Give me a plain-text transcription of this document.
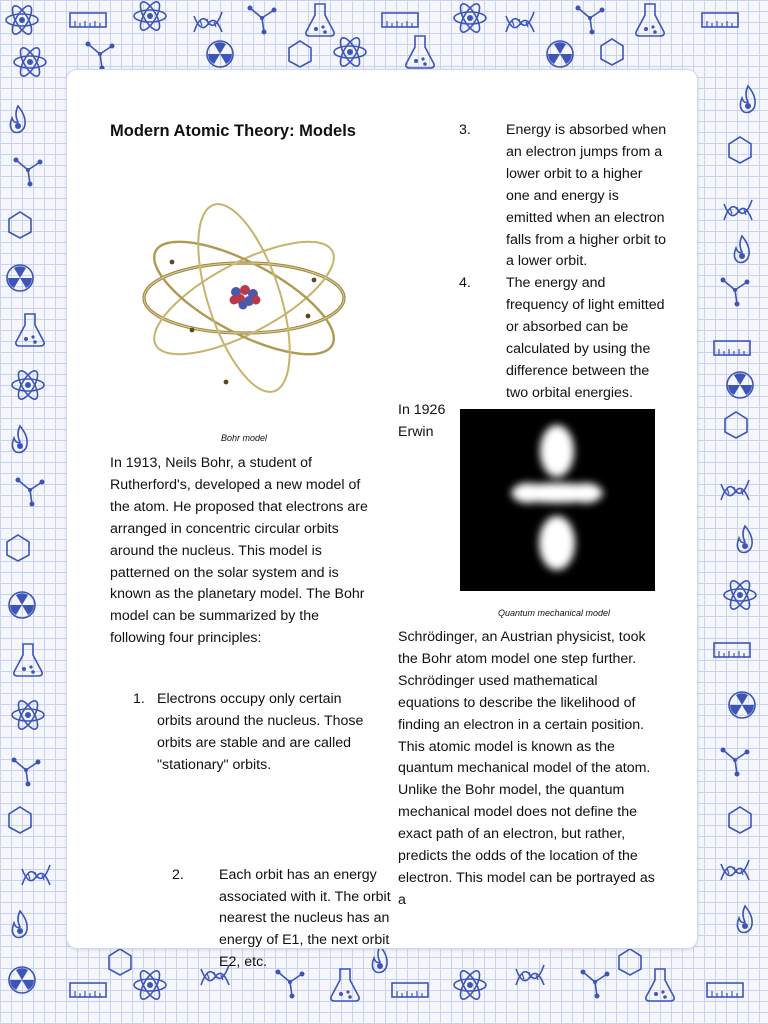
Modern Atomic Theory: Models
Bohr model
In 1913, Neils Bohr, a student of Rutherford's, developed a new model of the atom. He proposed that electrons are arranged in concentric circular orbits around the nucleus. This model is patterned on the solar system and is known as the planetary model. The Bohr model can be summarized by the following four principles:
1. Electrons occupy only certain orbits around the nucleus. Those orbits are stable and are called "stationary" orbits.
2. Each orbit has an energy associated with it. The orbit nearest the nucleus has an energy of E1, the next orbit E2, etc.
3. Energy is absorbed when an electron jumps from a lower orbit to a higher one and energy is emitted when an electron falls from a higher orbit to a lower orbit.
4. The energy and frequency of light emitted or absorbed can be calculated by using the difference between the two orbital energies.
In 1926
Erwin
Quantum mechanical model
Schrödinger, an Austrian physicist, took the Bohr atom model one step further. Schrödinger used mathematical equations to describe the likelihood of finding an electron in a certain position. This atomic model is known as the quantum mechanical model of the atom. Unlike the Bohr model, the quantum mechanical model does not define the exact path of an electron, but rather, predicts the odds of the location of the electron. This model can be portrayed as a
